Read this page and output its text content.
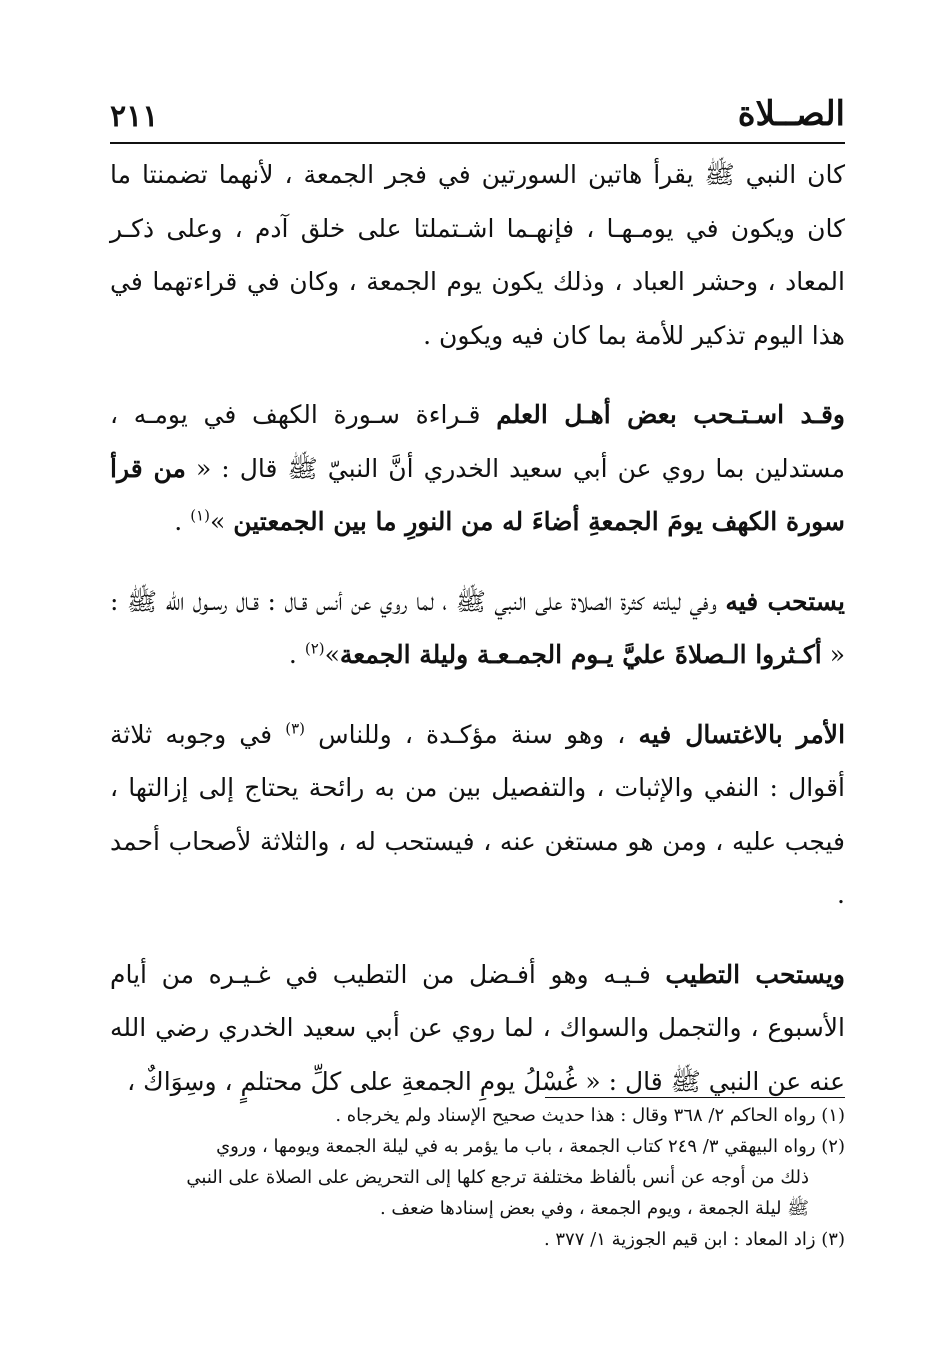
الصــلاة
٢١١

كان النبي ﷺ يقرأ هاتين السورتين في فجر الجمعة ، لأنهما تضمنتا ما كان ويكون في يومـهـا ، فإنهـما اشـتملتا على خلق آدم ، وعلى ذكـر المعاد ، وحشر العباد ، وذلك يكون يوم الجمعة ، وكان في قراءتهما في هذا اليوم تذكير للأمة بما كان فيه ويكون .

وقـد اسـتـحب بعض أهـل العلم قـراءة سـورة الكهف في يومـه ، مستدلين بما روي عن أبي سعيد الخدري أنَّ النبيّ ﷺ قال : « من قرأ سورة الكهف يومَ الجمعةِ أضاءَ له من النورِ ما بين الجمعتين »$^{(١)}$ .

يستحب فيه وفي ليلته كثرة الصلاة على النبي ﷺ ، لما روي عن أنس قـال : قـال رسـول الله ﷺ : « أكـثروا الـصلاةَ عليَّ يـوم الجمـعـة وليلة الجمعة»$^{(٢)}$ .

الأمر بالاغتسال فيه ، وهو سنة مؤكـدة ، وللناس $^{(٣)}$ في وجوبه ثلاثة أقوال : النفي والإثبات ، والتفصيل بين من به رائحة يحتاج إلى إزالتها ، فيجب عليه ، ومن هو مستغن عنه ، فيستحب له ، والثلاثة لأصحاب أحمد .

ويستحب التطيب فـيـه وهو أفـضل من التطيب في غـيـره من أيام الأسبوع ، والتجمل والسواك ، لما روي عن أبي سعيد الخدري رضي الله عنه عن النبي ﷺ قال : « غُسْلُ يومِ الجمعةِ على كلِّ محتلمٍ ، وسِوَاكٌ ،

(١) رواه الحاكم ٢/ ٣٦٨ وقال : هذا حديث صحيح الإسناد ولم يخرجاه .

(٢) رواه البيهقي ٣/ ٢٤٩ كتاب الجمعة ، باب ما يؤمر به في ليلة الجمعة ويومها ، وروي

ذلك من أوجه عن أنس بألفاظ مختلفة ترجع كلها إلى التحريض على الصلاة على النبي

ﷺ ليلة الجمعة ، ويوم الجمعة ، وفي بعض إسنادها ضعف .

(٣) زاد المعاد : ابن قيم الجوزية ١/ ٣٧٧ .
